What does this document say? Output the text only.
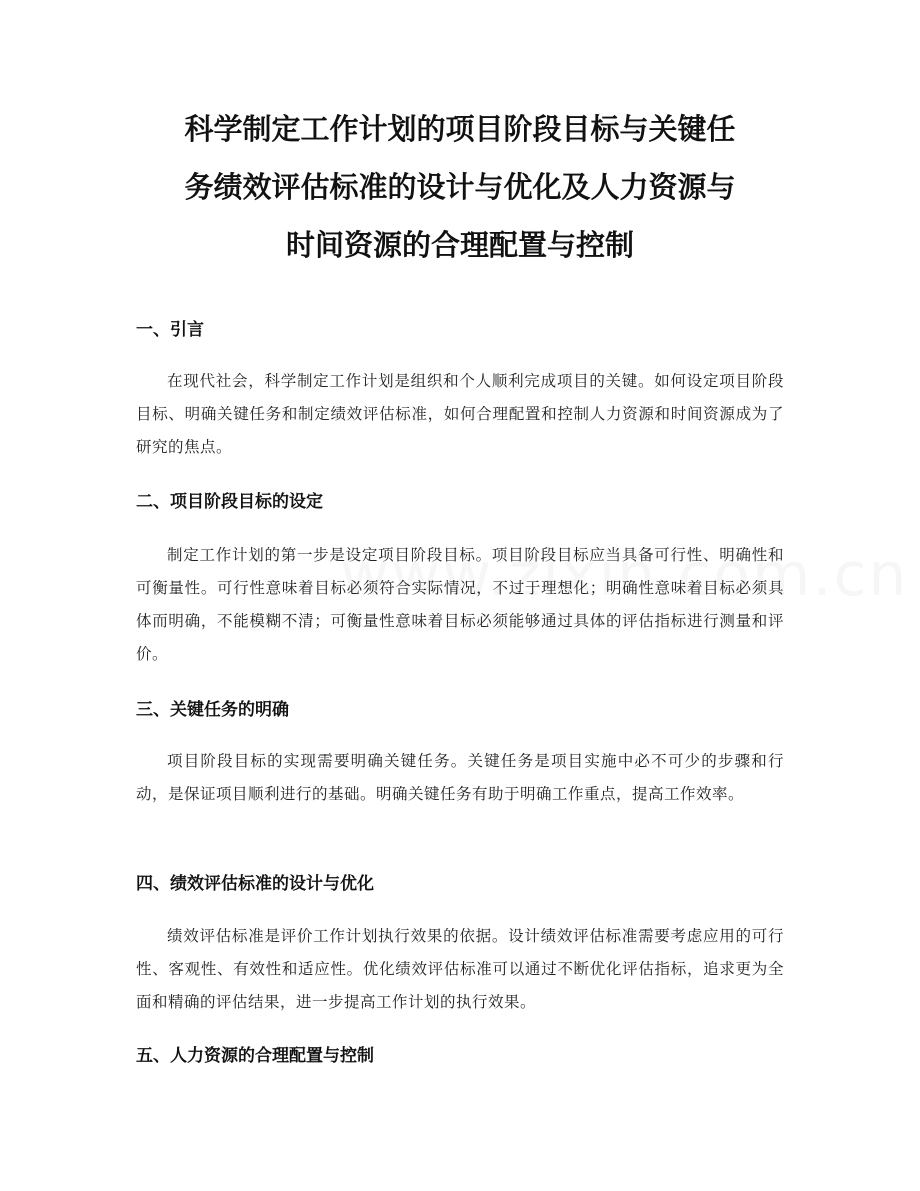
科学制定工作计划的项目阶段目标与关键任
务绩效评估标准的设计与优化及人力资源与
时间资源的合理配置与控制
一、引言

在现代社会，科学制定工作计划是组织和个人顺利完成项目的关键。如何设定项目阶段目标、明确关键任务和制定绩效评估标准，如何合理配置和控制人力资源和时间资源成为了研究的焦点。

二、项目阶段目标的设定

制定工作计划的第一步是设定项目阶段目标。项目阶段目标应当具备可行性、明确性和可衡量性。可行性意味着目标必须符合实际情况，不过于理想化；明确性意味着目标必须具体而明确，不能模糊不清；可衡量性意味着目标必须能够通过具体的评估指标进行测量和评价。

三、关键任务的明确

项目阶段目标的实现需要明确关键任务。关键任务是项目实施中必不可少的步骤和行动，是保证项目顺利进行的基础。明确关键任务有助于明确工作重点，提高工作效率。

四、绩效评估标准的设计与优化

绩效评估标准是评价工作计划执行效果的依据。设计绩效评估标准需要考虑应用的可行性、客观性、有效性和适应性。优化绩效评估标准可以通过不断优化评估指标，追求更为全面和精确的评估结果，进一步提高工作计划的执行效果。

五、人力资源的合理配置与控制
